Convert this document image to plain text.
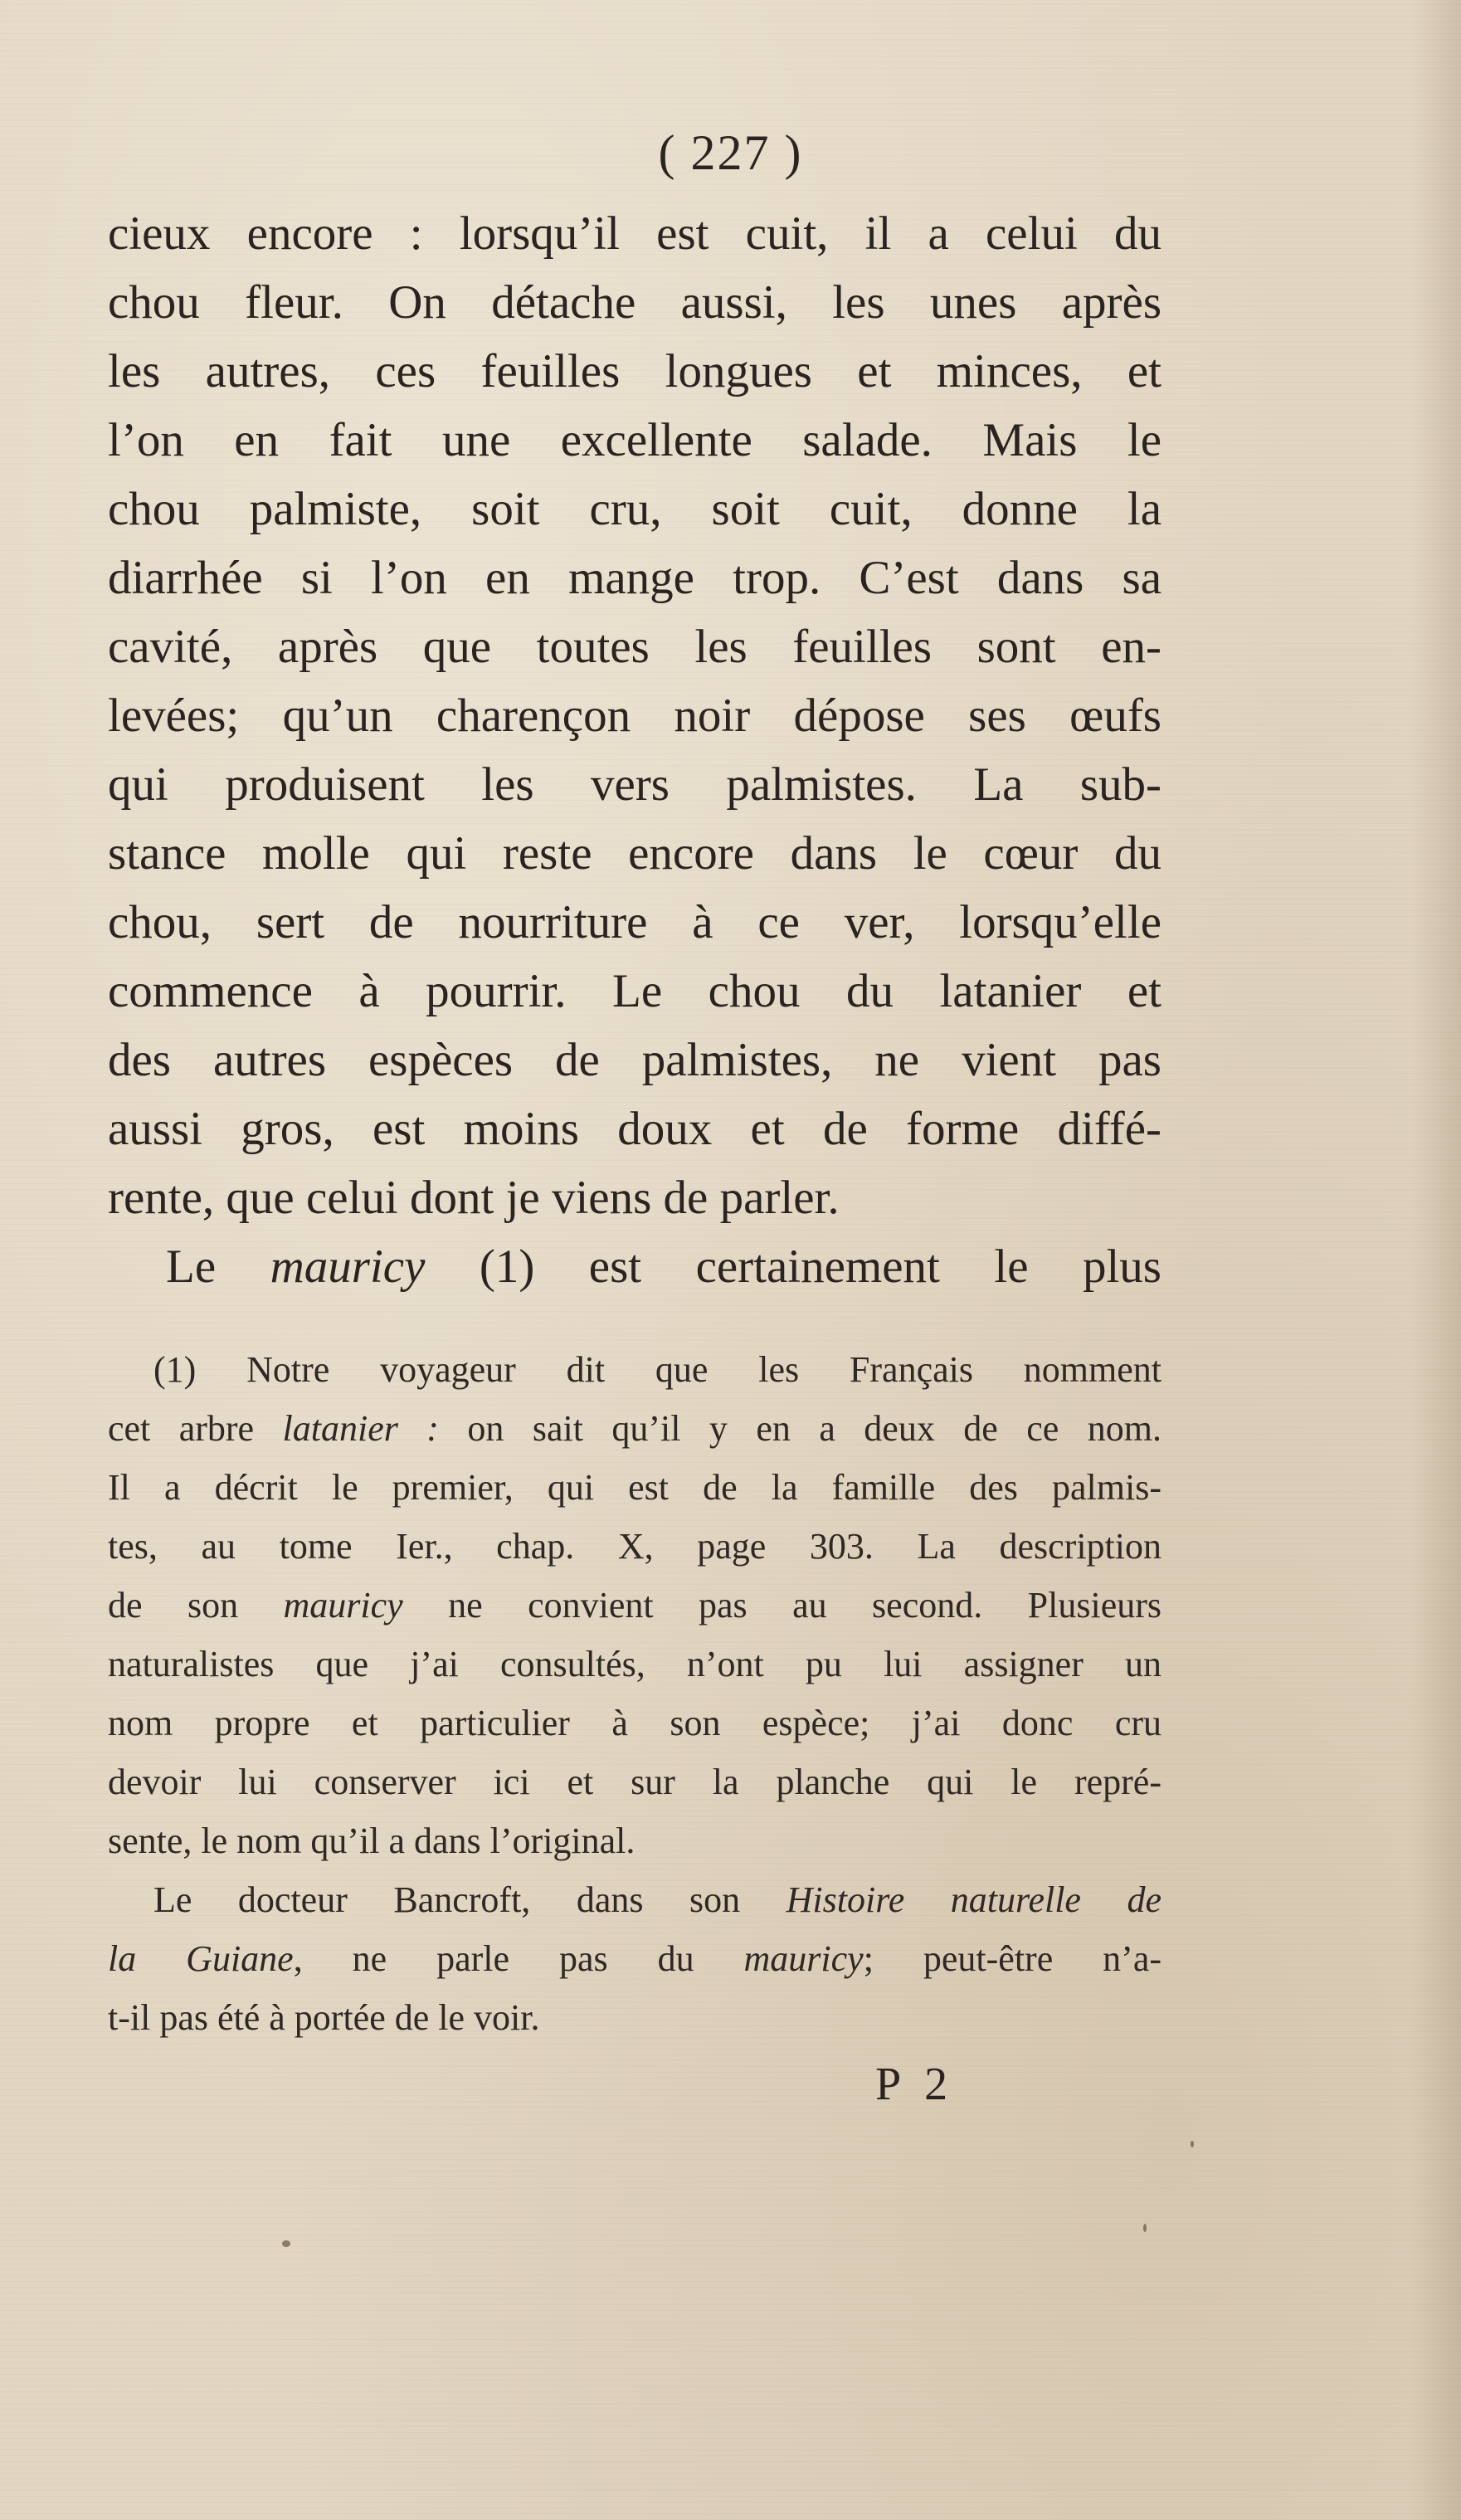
( 227 )
cieux encore : lorsqu’il est cuit, il a celui du
chou fleur. On détache aussi, les unes après
les autres, ces feuilles longues et minces, et
l’on en fait une excellente salade. Mais le
chou palmiste, soit cru, soit cuit, donne la
diarrhée si l’on en mange trop. C’est dans sa
cavité, après que toutes les feuilles sont en-
levées; qu’un charençon noir dépose ses œufs
qui produisent les vers palmistes. La sub-
stance molle qui reste encore dans le cœur du
chou, sert de nourriture à ce ver, lorsqu’elle
commence à pourrir. Le chou du latanier et
des autres espèces de palmistes, ne vient pas
aussi gros, est moins doux et de forme diffé-
rente, que celui dont je viens de parler.
Le mauricy (1) est certainement le plus
(1) Notre voyageur dit que les Français nomment
cet arbre latanier : on sait qu’il y en a deux de ce nom.
Il a décrit le premier, qui est de la famille des palmis-
tes, au tome Ier., chap. X, page 303. La description
de son mauricy ne convient pas au second. Plusieurs
naturalistes que j’ai consultés, n’ont pu lui assigner un
nom propre et particulier à son espèce; j’ai donc cru
devoir lui conserver ici et sur la planche qui le repré-
sente, le nom qu’il a dans l’original.
Le docteur Bancroft, dans son Histoire naturelle de
la Guiane, ne parle pas du mauricy; peut-être n’a-
t-il pas été à portée de le voir.
P 2
